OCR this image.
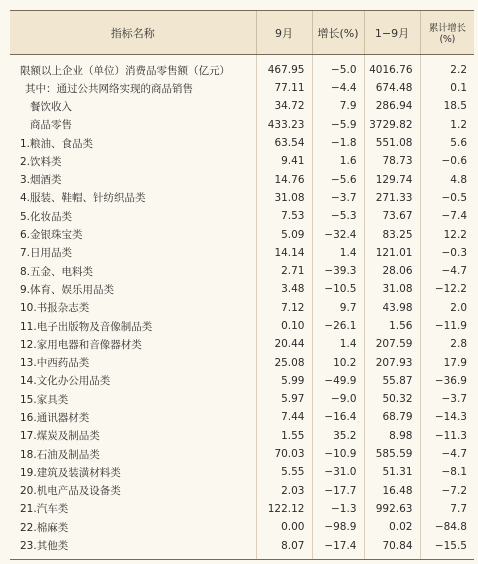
指标名称	9月	增长(%)	1−9月	累计增长(%)
限额以上企业（单位）消费品零售额（亿元）	467.95	−5.0	4016.76	2.2
其中：通过公共网络实现的商品销售	77.11	−4.4	674.48	0.1
餐饮收入	34.72	7.9	286.94	18.5
商品零售	433.23	−5.9	3729.82	1.2
1.粮油、食品类	63.54	−1.8	551.08	5.6
2.饮料类	9.41	1.6	78.73	−0.6
3.烟酒类	14.76	−5.6	129.74	4.8
4.服装、鞋帽、针纺织品类	31.08	−3.7	271.33	−0.5
5.化妆品类	7.53	−5.3	73.67	−7.4
6.金银珠宝类	5.09	−32.4	83.25	12.2
7.日用品类	14.14	1.4	121.01	−0.3
8.五金、电料类	2.71	−39.3	28.06	−4.7
9.体育、娱乐用品类	3.48	−10.5	31.08	−12.2
10.书报杂志类	7.12	9.7	43.98	2.0
11.电子出版物及音像制品类	0.10	−26.1	1.56	−11.9
12.家用电器和音像器材类	20.44	1.4	207.59	2.8
13.中西药品类	25.08	10.2	207.93	17.9
14.文化办公用品类	5.99	−49.9	55.87	−36.9
15.家具类	5.97	−9.0	50.32	−3.7
16.通讯器材类	7.44	−16.4	68.79	−14.3
17.煤炭及制品类	1.55	35.2	8.98	−11.3
18.石油及制品类	70.03	−10.9	585.59	−4.7
19.建筑及装潢材料类	5.55	−31.0	51.31	−8.1
20.机电产品及设备类	2.03	−17.7	16.48	−7.2
21.汽车类	122.12	−1.3	992.63	7.7
22.棉麻类	0.00	−98.9	0.02	−84.8
23.其他类	8.07	−17.4	70.84	−15.5
